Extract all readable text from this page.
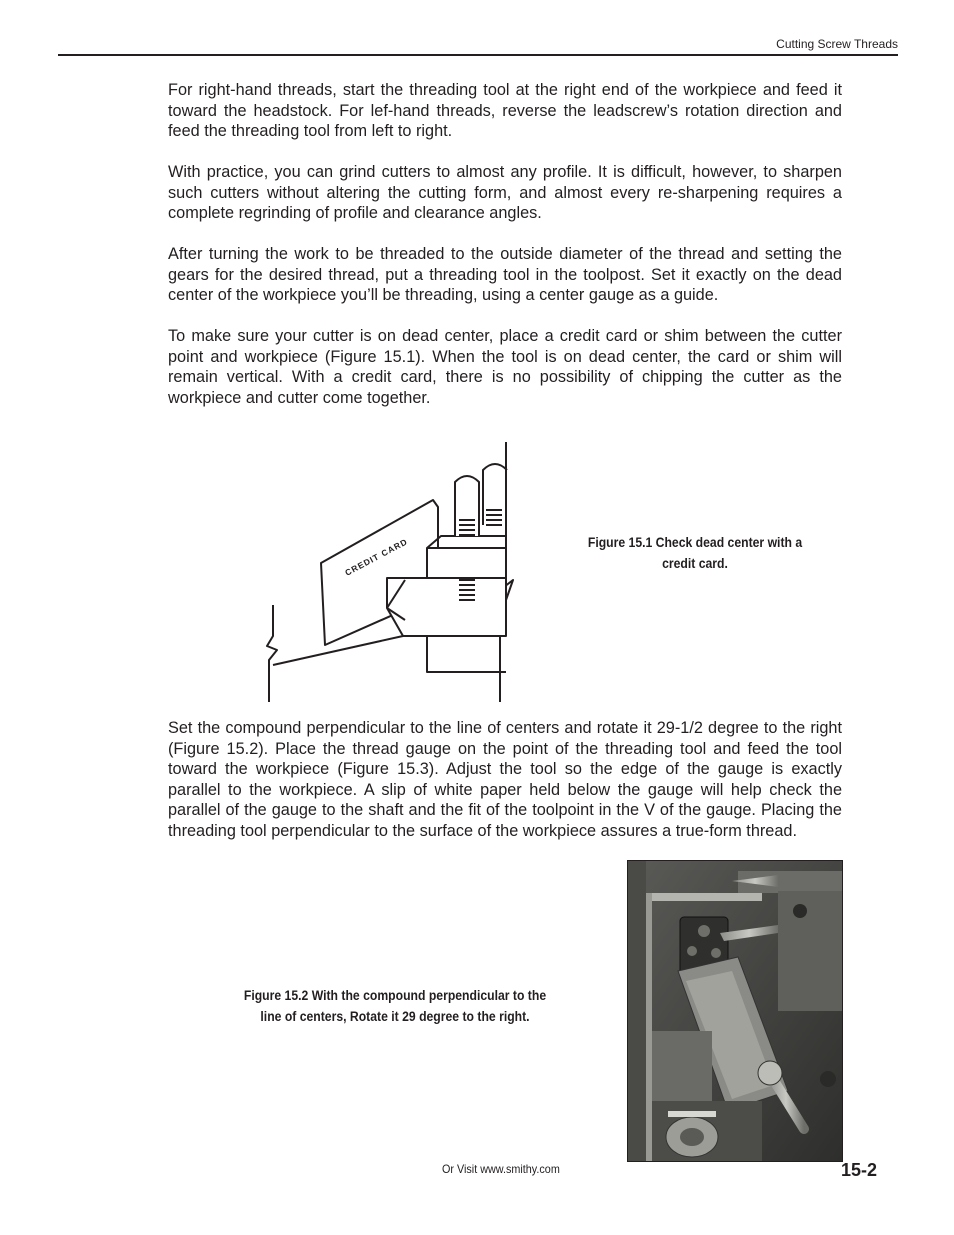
Cutting Screw Threads

For right-hand threads, start the threading tool at the right end of the workpiece and feed it toward the headstock. For lef-hand threads, reverse the leadscrew’s rotation direction and feed the threading tool from left to right.

With practice, you can grind cutters to almost any profile. It is difficult, however, to sharpen such cutters without altering the cutting form, and almost every re-sharpening requires a complete regrinding of profile and clearance angles.

After turning the work to be threaded to the outside diameter of the thread and setting the gears for the desired thread, put a threading tool in the toolpost. Set it exactly on the dead center of the workpiece you’ll be threading, using a center gauge as a guide.

To make sure your cutter is on dead center, place a credit card or shim between the cutter point and workpiece (Figure 15.1). When the tool is on dead center, the card or shim will remain vertical. With a credit card, there is no possibility of chipping the cutter as the workpiece and cutter come together.

CREDIT CARD	Figure 15.1 Check dead center with a
credit card.

Set the compound perpendicular to the line of centers and rotate it 29-1/2 degree to the right (Figure 15.2). Place the thread gauge on the point of the threading tool and feed the tool toward the workpiece (Figure 15.3). Adjust the tool so the edge of the gauge is exactly parallel to the workpiece. A slip of white paper held below the gauge will help check the parallel of the gauge to the shaft and the fit of the toolpoint in the V of the gauge. Placing the threading tool perpendicular to the surface of the workpiece assures a true-form thread.

Figure 15.2 With the compound perpendicular to the
line of centers, Rotate it 29 degree to the right.
Or Visit www.smithy.com	15-2
